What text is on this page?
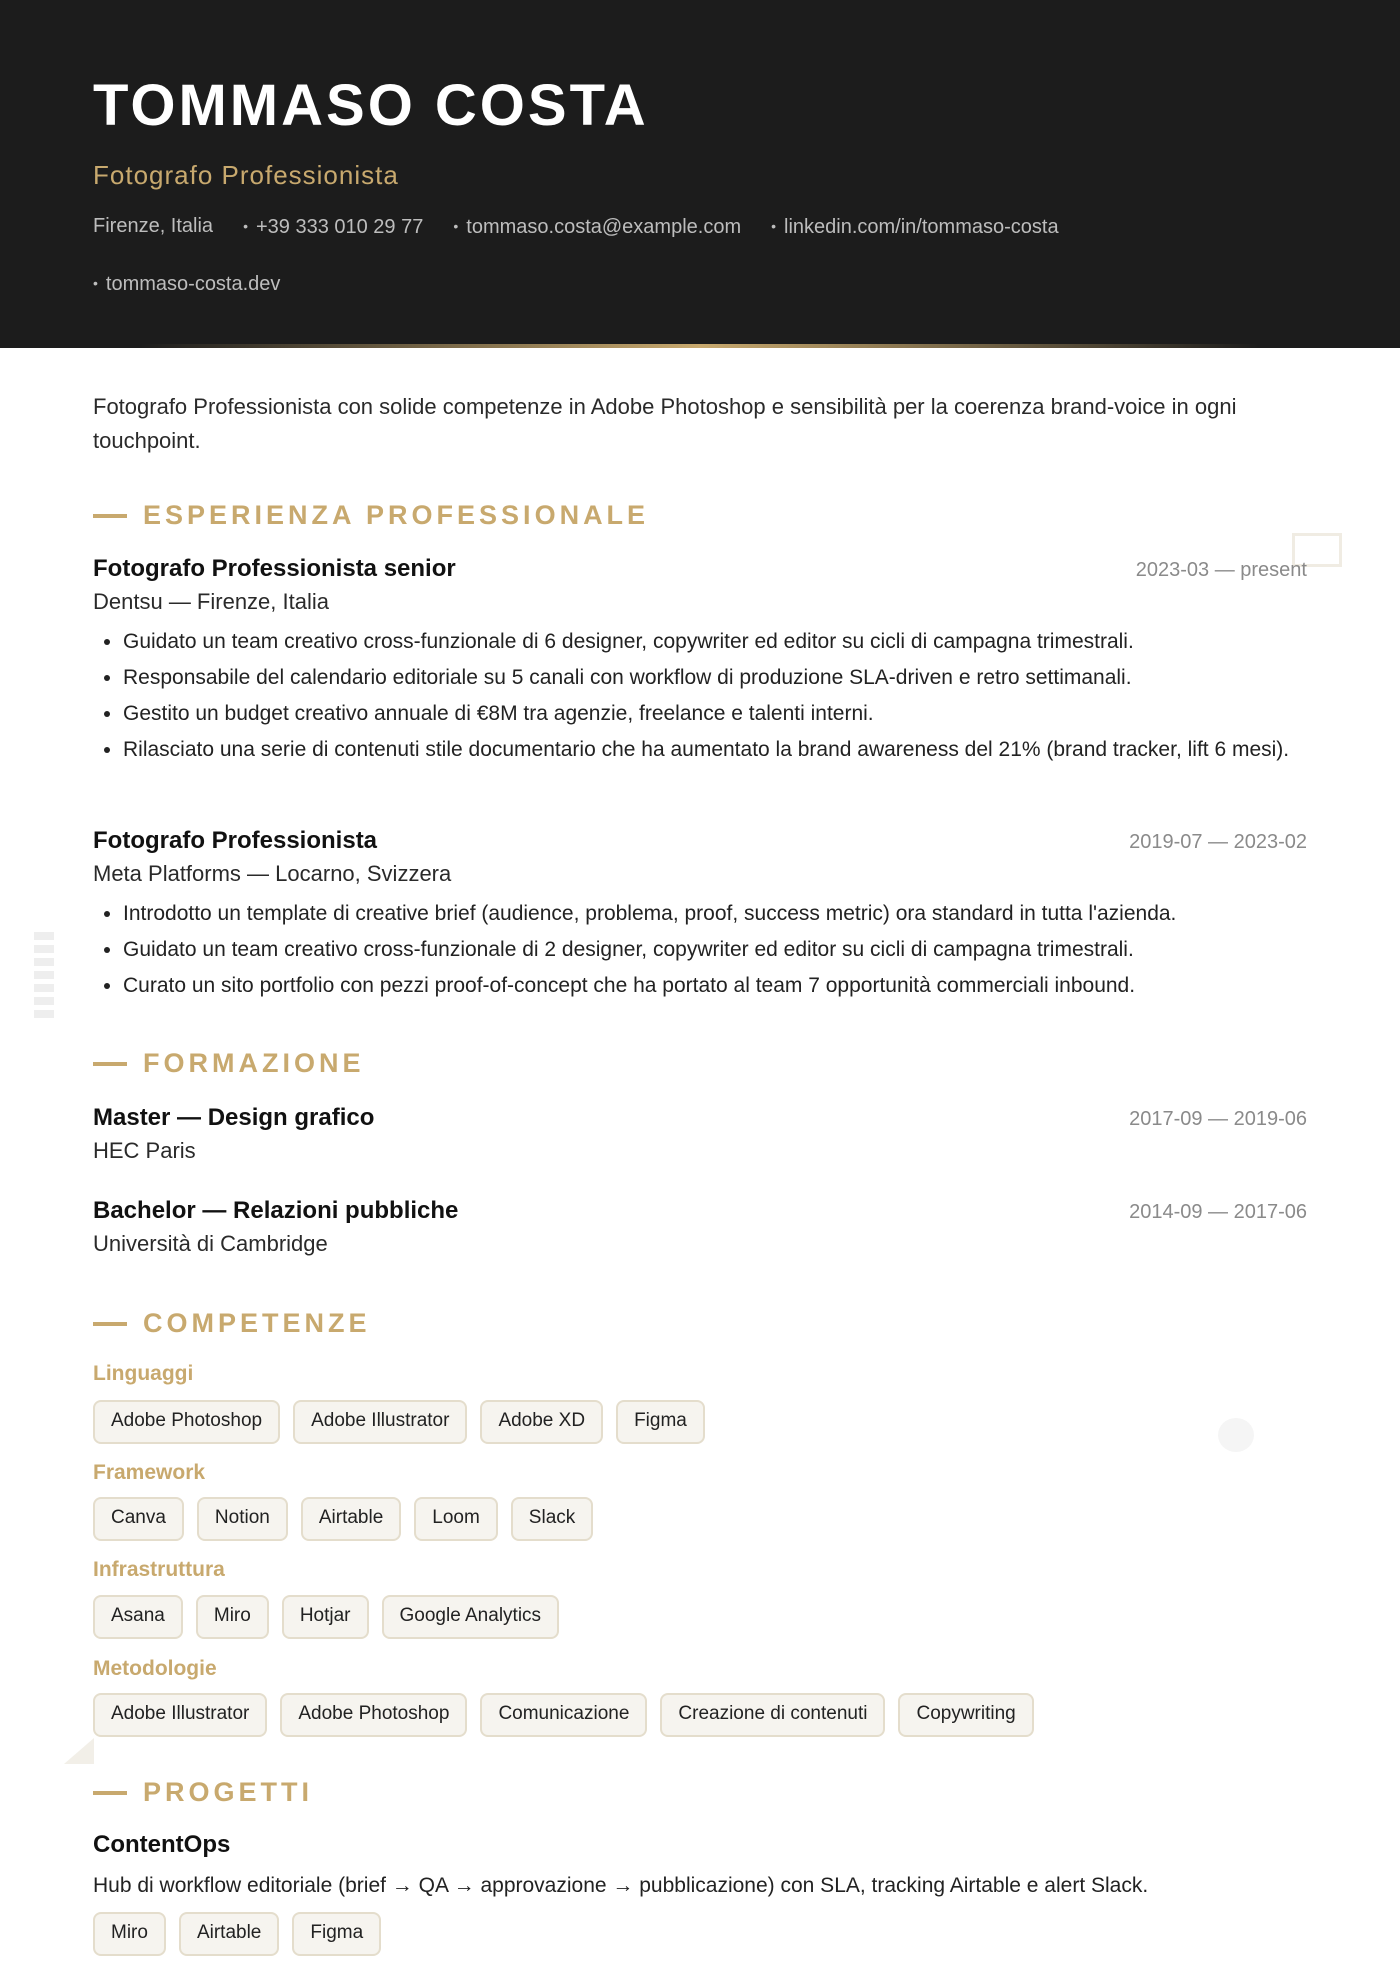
TOMMASO COSTA
Fotografo Professionista
Firenze, Italia	• +39 333 010 29 77	• tommaso.costa@example.com	• linkedin.com/in/tommaso-costa
• tommaso-costa.dev
Fotografo Professionista con solide competenze in Adobe Photoshop e sensibilità per la coerenza brand-voice in ogni touchpoint.
ESPERIENZA PROFESSIONALE
Fotografo Professionista senior	2023-03 — present
Dentsu — Firenze, Italia
• Guidato un team creativo cross-funzionale di 6 designer, copywriter ed editor su cicli di campagna trimestrali.
• Responsabile del calendario editoriale su 5 canali con workflow di produzione SLA-driven e retro settimanali.
• Gestito un budget creativo annuale di €8M tra agenzie, freelance e talenti interni.
• Rilasciato una serie di contenuti stile documentario che ha aumentato la brand awareness del 21% (brand tracker, lift 6 mesi).
Fotografo Professionista	2019-07 — 2023-02
Meta Platforms — Locarno, Svizzera
• Introdotto un template di creative brief (audience, problema, proof, success metric) ora standard in tutta l'azienda.
• Guidato un team creativo cross-funzionale di 2 designer, copywriter ed editor su cicli di campagna trimestrali.
• Curato un sito portfolio con pezzi proof-of-concept che ha portato al team 7 opportunità commerciali inbound.
FORMAZIONE
Master — Design grafico	2017-09 — 2019-06
HEC Paris
Bachelor — Relazioni pubbliche	2014-09 — 2017-06
Università di Cambridge
COMPETENZE
Linguaggi
Adobe Photoshop	Adobe Illustrator	Adobe XD	Figma
Framework
Canva	Notion	Airtable	Loom	Slack
Infrastruttura
Asana	Miro	Hotjar	Google Analytics
Metodologie
Adobe Illustrator	Adobe Photoshop	Comunicazione	Creazione di contenuti	Copywriting
PROGETTI
ContentOps
Hub di workflow editoriale (brief → QA → approvazione → pubblicazione) con SLA, tracking Airtable e alert Slack.
Miro	Airtable	Figma
